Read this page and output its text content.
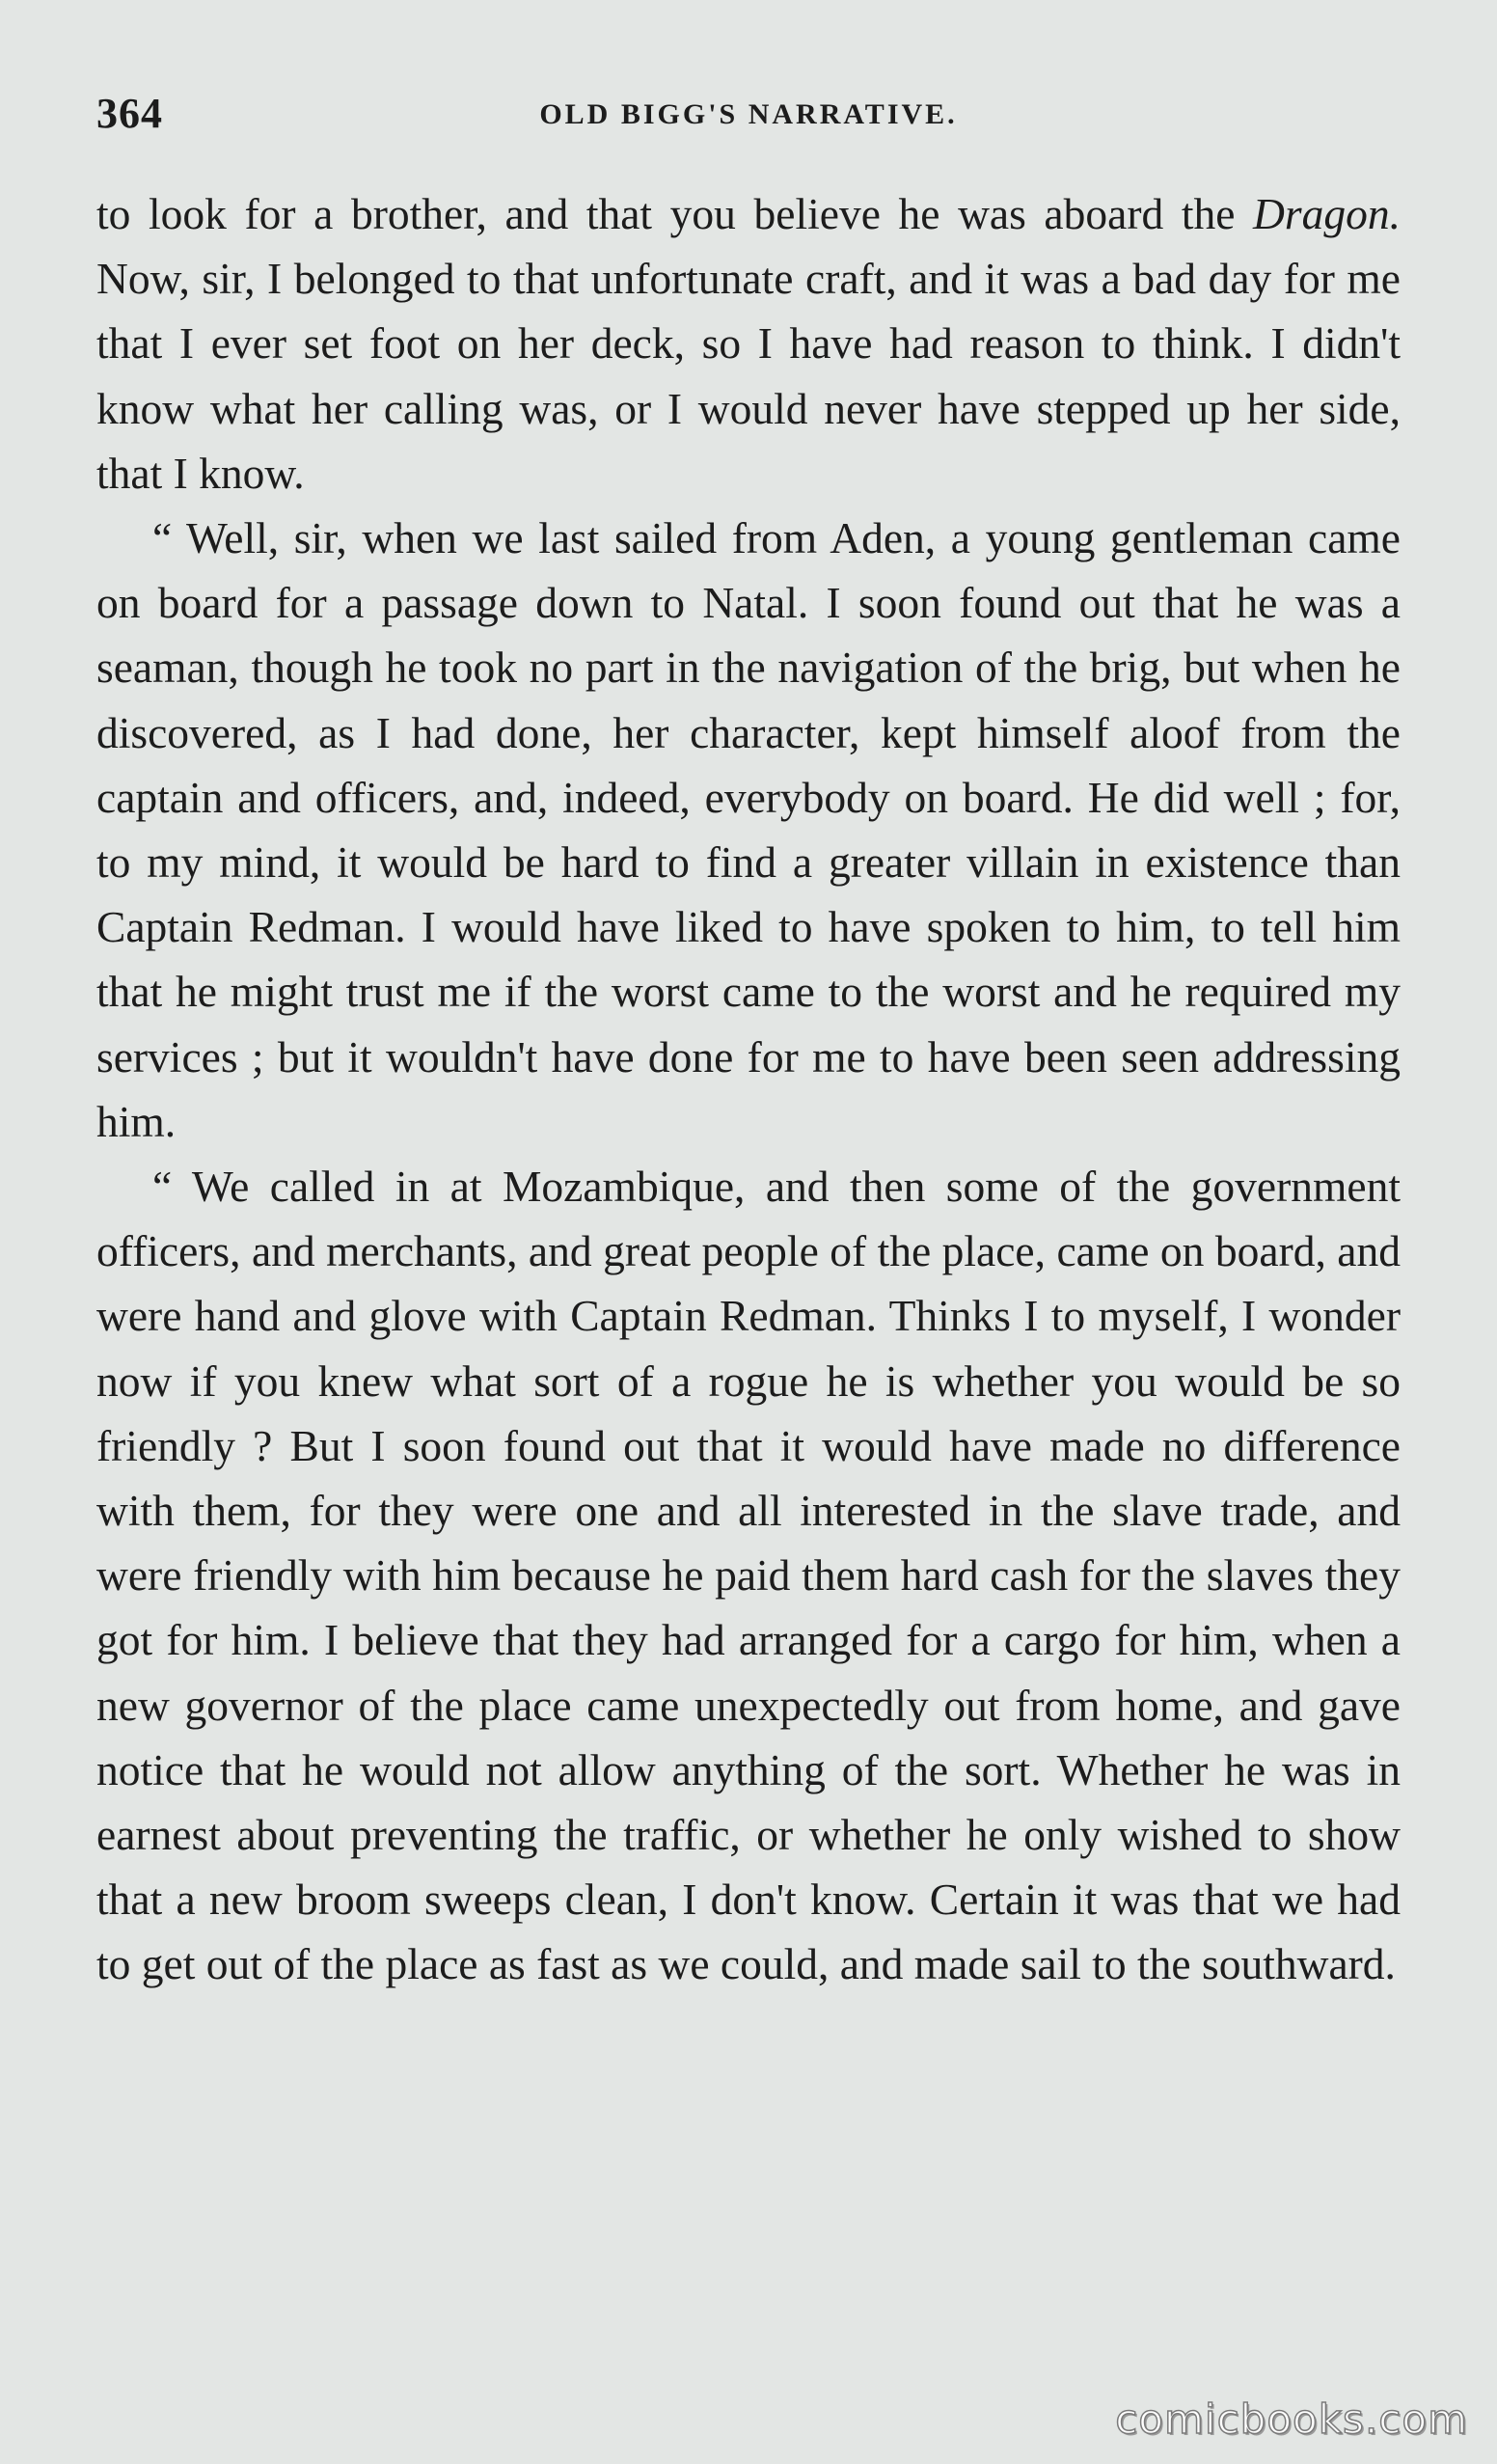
364	OLD BIGG'S NARRATIVE.

to look for a brother, and that you believe he was aboard the Dragon. Now, sir, I belonged to that unfortunate craft, and it was a bad day for me that I ever set foot on her deck, so I have had reason to think. I didn't know what her calling was, or I would never have stepped up her side, that I know.

“ Well, sir, when we last sailed from Aden, a young gentleman came on board for a passage down to Natal. I soon found out that he was a seaman, though he took no part in the navigation of the brig, but when he discovered, as I had done, her character, kept himself aloof from the captain and officers, and, indeed, everybody on board. He did well ; for, to my mind, it would be hard to find a greater villain in existence than Captain Redman. I would have liked to have spoken to him, to tell him that he might trust me if the worst came to the worst and he required my services ; but it wouldn't have done for me to have been seen addressing him.

“ We called in at Mozambique, and then some of the government officers, and merchants, and great people of the place, came on board, and were hand and glove with Captain Redman. Thinks I to myself, I wonder now if you knew what sort of a rogue he is whether you would be so friendly ? But I soon found out that it would have made no difference with them, for they were one and all interested in the slave trade, and were friendly with him because he paid them hard cash for the slaves they got for him. I believe that they had arranged for a cargo for him, when a new governor of the place came unexpectedly out from home, and gave notice that he would not allow anything of the sort. Whether he was in earnest about preventing the traffic, or whether he only wished to show that a new broom sweeps clean, I don't know. Certain it was that we had to get out of the place as fast as we could, and made sail to the southward.

comicbooks.com
